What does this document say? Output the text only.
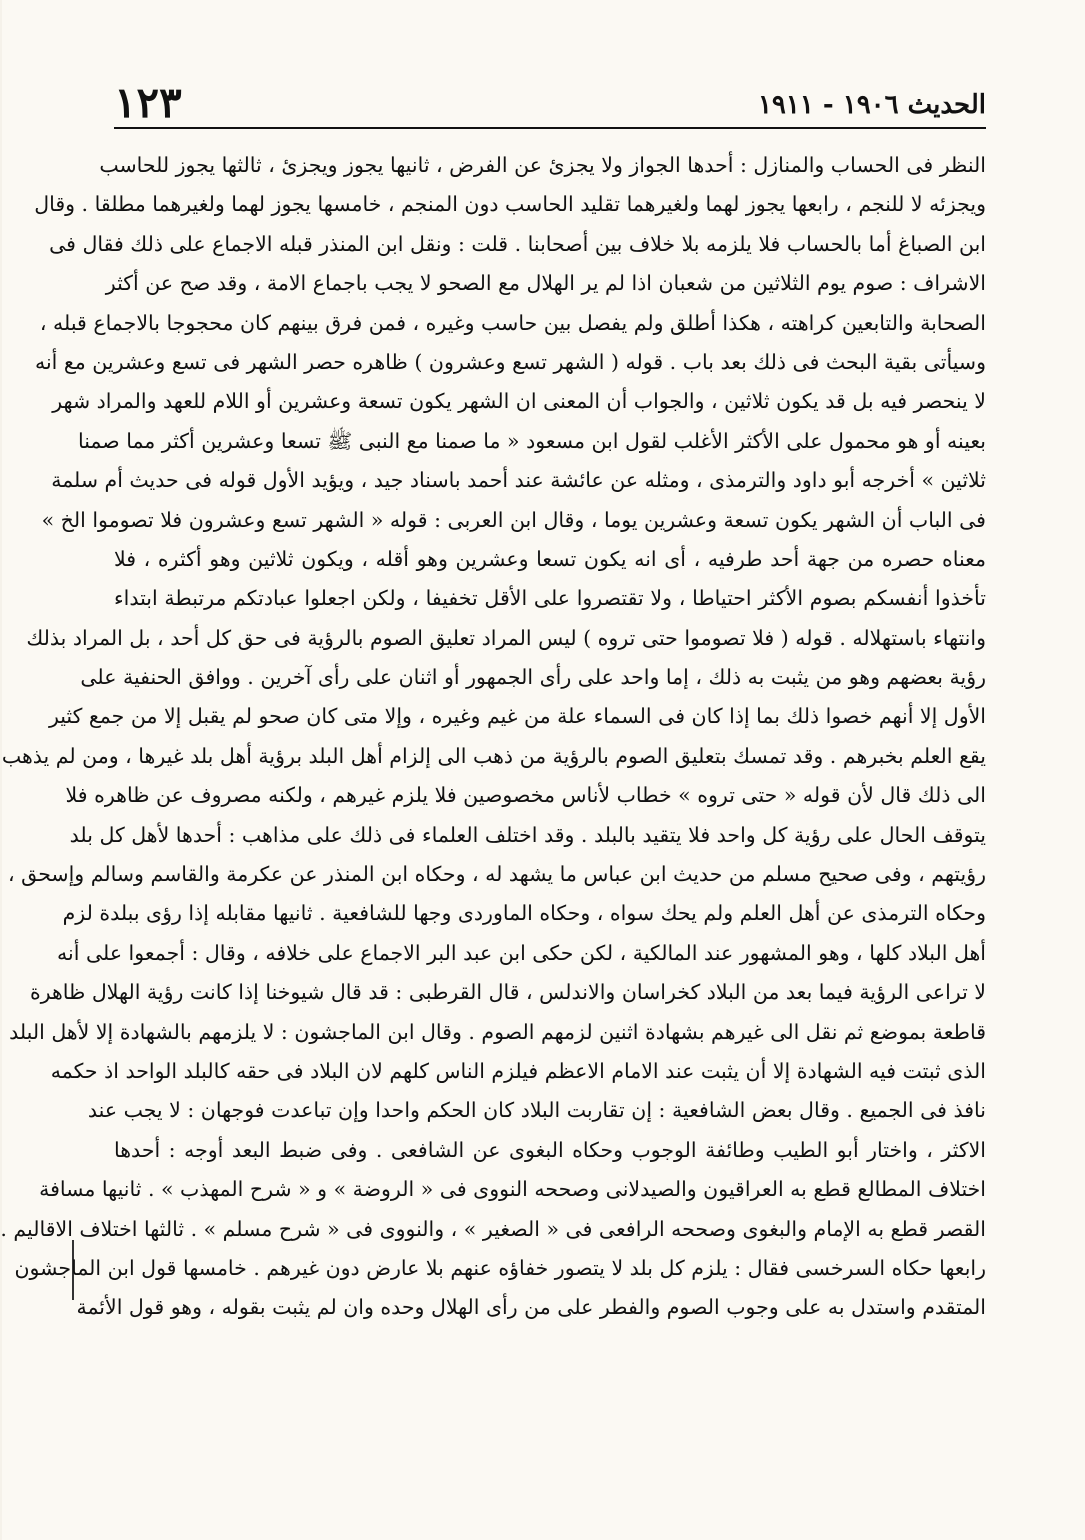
١٢٣	الحديث ١٩٠٦ - ١٩١١
النظر فى الحساب والمنازل : أحدها الجواز ولا يجزئ عن الفرض ، ثانيها يجوز ويجزئ ، ثالثها يجوز للحاسب
ويجزئه لا للنجم ، رابعها يجوز لهما ولغيرهما تقليد الحاسب دون المنجم ، خامسها يجوز لهما ولغيرهما مطلقا . وقال
ابن الصباغ أما بالحساب فلا يلزمه بلا خلاف بين أصحابنا . قلت : ونقل ابن المنذر قبله الاجماع على ذلك فقال فى
الاشراف : صوم يوم الثلاثين من شعبان اذا لم ير الهلال مع الصحو لا يجب باجماع الامة ، وقد صح عن أكثر
الصحابة والتابعين كراهته ، هكذا أطلق ولم يفصل بين حاسب وغيره ، فمن فرق بينهم كان محجوجا بالاجماع قبله ،
وسيأتى بقية البحث فى ذلك بعد باب . قوله ( الشهر تسع وعشرون ) ظاهره حصر الشهر فى تسع وعشرين مع أنه
لا ينحصر فيه بل قد يكون ثلاثين ، والجواب أن المعنى ان الشهر يكون تسعة وعشرين أو اللام للعهد والمراد شهر
بعينه أو هو محمول على الأكثر الأغلب لقول ابن مسعود « ما صمنا مع النبى ﷺ تسعا وعشرين أكثر مما صمنا
ثلاثين » أخرجه أبو داود والترمذى ، ومثله عن عائشة عند أحمد باسناد جيد ، ويؤيد الأول قوله فى حديث أم سلمة
فى الباب أن الشهر يكون تسعة وعشرين يوما ، وقال ابن العربى : قوله « الشهر تسع وعشرون فلا تصوموا الخ »
معناه حصره من جهة أحد طرفيه ، أى انه يكون تسعا وعشرين وهو أقله ، ويكون ثلاثين وهو أكثره ، فلا
تأخذوا أنفسكم بصوم الأكثر احتياطا ، ولا تقتصروا على الأقل تخفيفا ، ولكن اجعلوا عبادتكم مرتبطة ابتداء
وانتهاء باستهلاله . قوله ( فلا تصوموا حتى تروه ) ليس المراد تعليق الصوم بالرؤية فى حق كل أحد ، بل المراد بذلك
رؤية بعضهم وهو من يثبت به ذلك ، إما واحد على رأى الجمهور أو اثنان على رأى آخرين . ووافق الحنفية على
الأول إلا أنهم خصوا ذلك بما إذا كان فى السماء علة من غيم وغيره ، وإلا متى كان صحو لم يقبل إلا من جمع كثير
يقع العلم بخبرهم . وقد تمسك بتعليق الصوم بالرؤية من ذهب الى إلزام أهل البلد برؤية أهل بلد غيرها ، ومن لم يذهب
الى ذلك قال لأن قوله « حتى تروه » خطاب لأناس مخصوصين فلا يلزم غيرهم ، ولكنه مصروف عن ظاهره فلا
يتوقف الحال على رؤية كل واحد فلا يتقيد بالبلد . وقد اختلف العلماء فى ذلك على مذاهب : أحدها لأهل كل بلد
رؤيتهم ، وفى صحيح مسلم من حديث ابن عباس ما يشهد له ، وحكاه ابن المنذر عن عكرمة والقاسم وسالم وإسحق ،
وحكاه الترمذى عن أهل العلم ولم يحك سواه ، وحكاه الماوردى وجها للشافعية . ثانيها مقابله إذا رؤى ببلدة لزم
أهل البلاد كلها ، وهو المشهور عند المالكية ، لكن حكى ابن عبد البر الاجماع على خلافه ، وقال : أجمعوا على أنه
لا تراعى الرؤية فيما بعد من البلاد كخراسان والاندلس ، قال القرطبى : قد قال شيوخنا إذا كانت رؤية الهلال ظاهرة
قاطعة بموضع ثم نقل الى غيرهم بشهادة اثنين لزمهم الصوم . وقال ابن الماجشون : لا يلزمهم بالشهادة إلا لأهل البلد
الذى ثبتت فيه الشهادة إلا أن يثبت عند الامام الاعظم فيلزم الناس كلهم لان البلاد فى حقه كالبلد الواحد اذ حكمه
نافذ فى الجميع . وقال بعض الشافعية : إن تقاربت البلاد كان الحكم واحدا وإن تباعدت فوجهان : لا يجب عند
الاكثر ، واختار أبو الطيب وطائفة الوجوب وحكاه البغوى عن الشافعى . وفى ضبط البعد أوجه : أحدها
اختلاف المطالع قطع به العراقيون والصيدلانى وصححه النووى فى « الروضة » و « شرح المهذب » . ثانيها مسافة
القصر قطع به الإمام والبغوى وصححه الرافعى فى « الصغير » ، والنووى فى « شرح مسلم » . ثالثها اختلاف الاقاليم .
رابعها حكاه السرخسى فقال : يلزم كل بلد لا يتصور خفاؤه عنهم بلا عارض دون غيرهم . خامسها قول ابن الماجشون
المتقدم واستدل به على وجوب الصوم والفطر على من رأى الهلال وحده وان لم يثبت بقوله ، وهو قول الأئمة
